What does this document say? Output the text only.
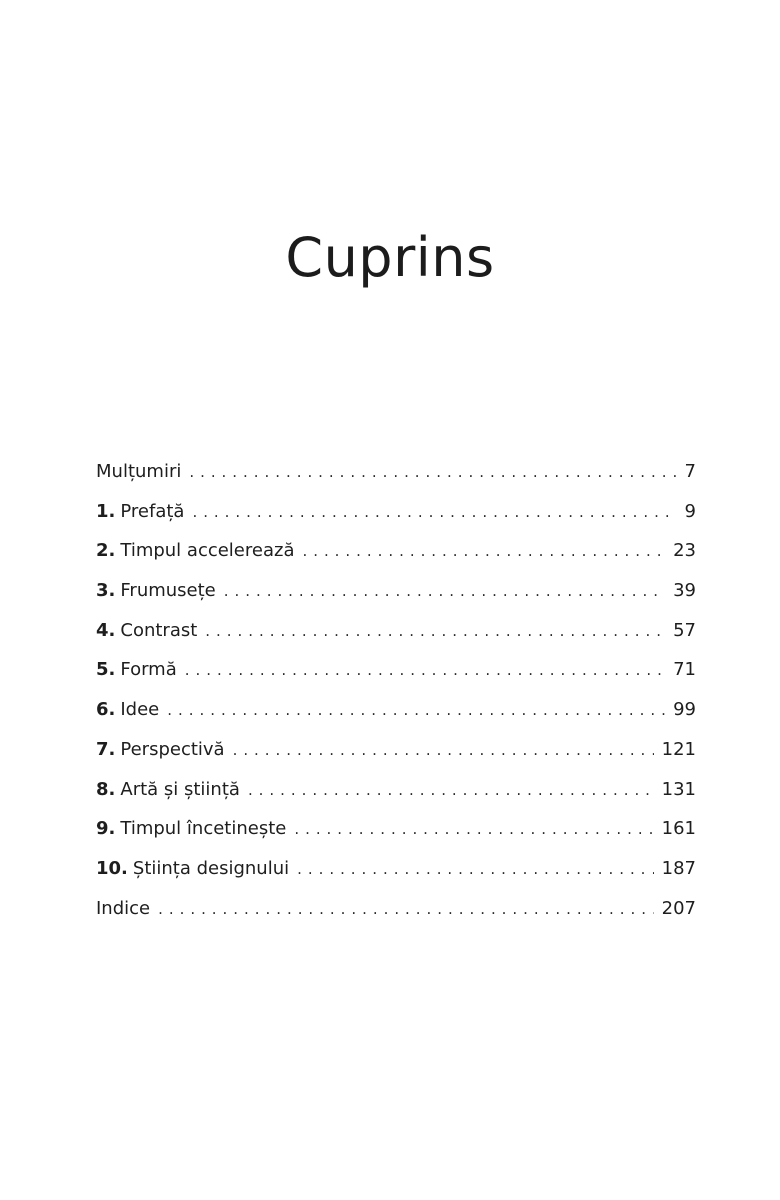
Cuprins
Mulțumiri . . .	7
1. Prefață . . .	9
2. Timpul accelerează . . .	23
3. Frumusețe . . .	39
4. Contrast . . .	57
5. Formă . . .	71
6. Idee . . .	99
7. Perspectivă . . .	121
8. Artă și știință . . .	131
9. Timpul încetinește . . .	161
10. Știința designului . . .	187
Indice . . .	207
